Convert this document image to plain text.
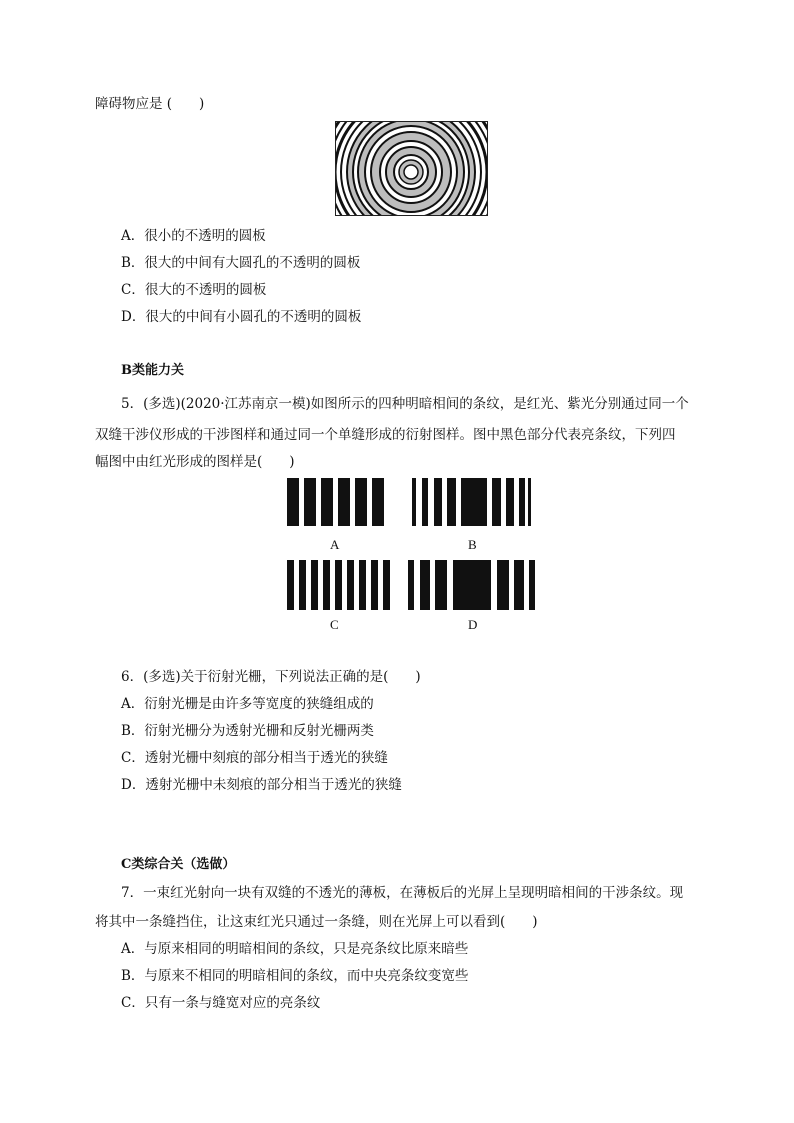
障碍物应是 (　　)
A．很小的不透明的圆板
B．很大的中间有大圆孔的不透明的圆板
C．很大的不透明的圆板
D．很大的中间有小圆孔的不透明的圆板
B类能力关
5．(多选)(2020·江苏南京一模)如图所示的四种明暗相间的条纹，是红光、紫光分别通过同一个
双缝干涉仪形成的干涉图样和通过同一个单缝形成的衍射图样。图中黑色部分代表亮条纹，下列四
幅图中由红光形成的图样是(　　)
A	B
C	D
6．(多选)关于衍射光栅，下列说法正确的是(　　)
A．衍射光栅是由许多等宽度的狭缝组成的
B．衍射光栅分为透射光栅和反射光栅两类
C．透射光栅中刻痕的部分相当于透光的狭缝
D．透射光栅中未刻痕的部分相当于透光的狭缝
C类综合关（选做）
7．一束红光射向一块有双缝的不透光的薄板，在薄板后的光屏上呈现明暗相间的干涉条纹。现
将其中一条缝挡住，让这束红光只通过一条缝，则在光屏上可以看到(　　)
A．与原来相同的明暗相间的条纹，只是亮条纹比原来暗些
B．与原来不相同的明暗相间的条纹，而中央亮条纹变宽些
C．只有一条与缝宽对应的亮条纹
